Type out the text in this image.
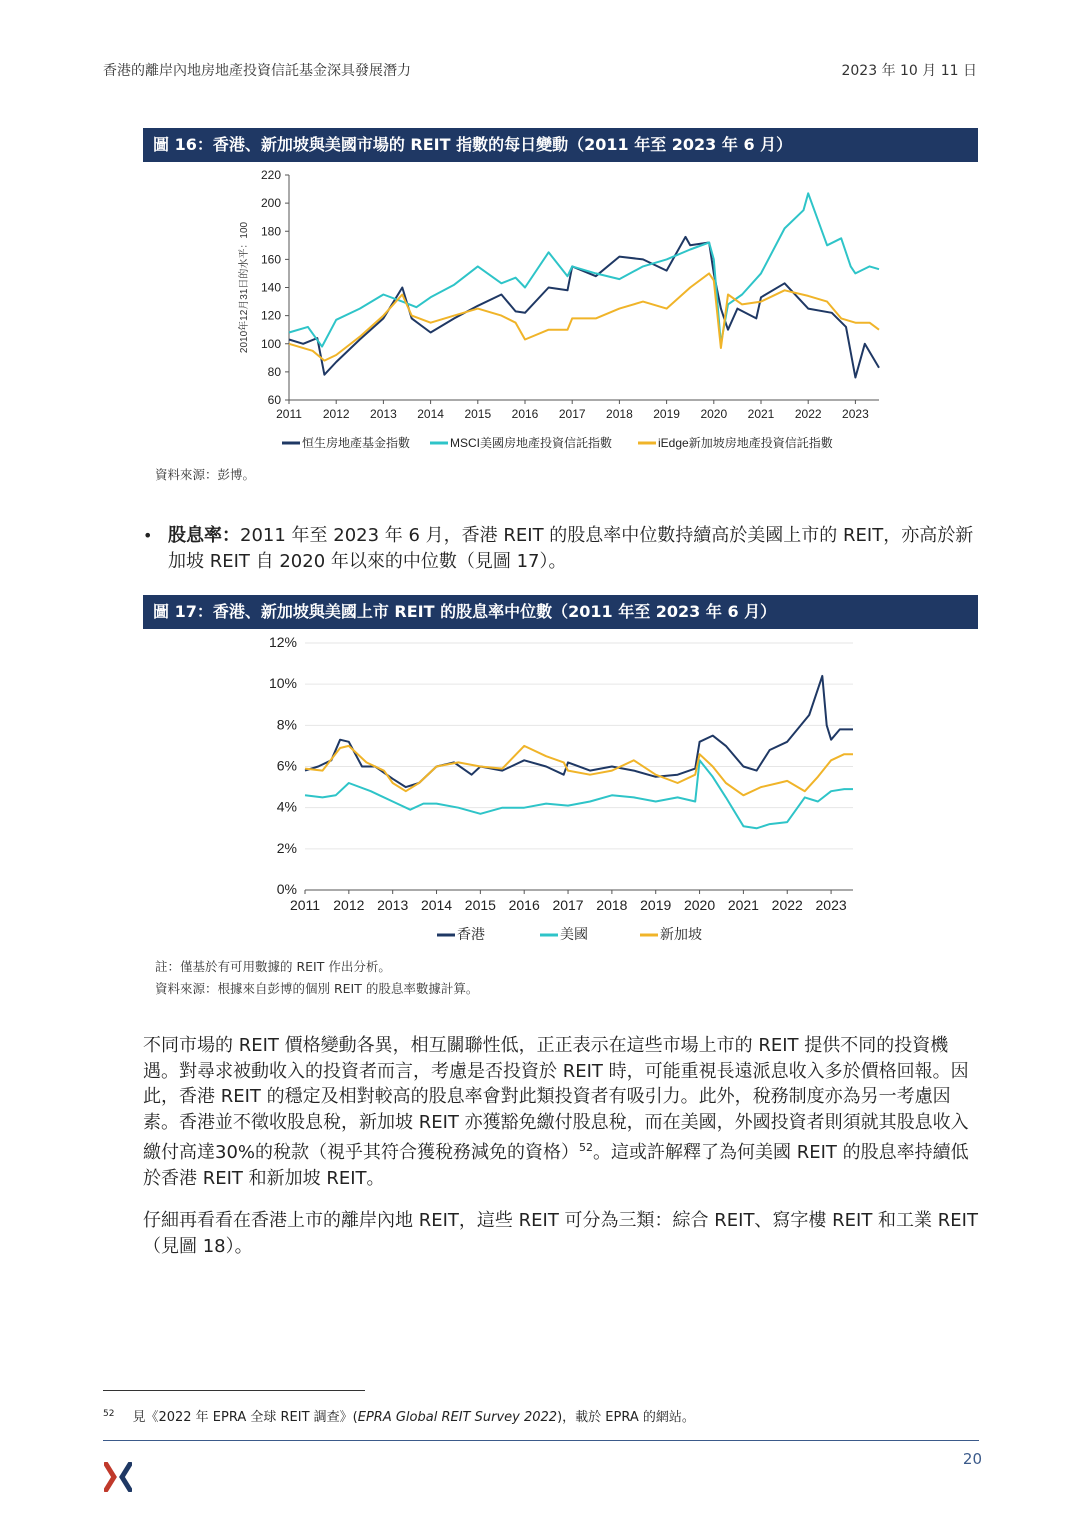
香港的離岸內地房地產投資信託基金深具發展潛力	2023 年 10 月 11 日
圖 16：香港、新加坡與美國市場的 REIT 指數的每日變動（2011 年至 2023 年 6 月）
220
200
180
160
140
120
100
80
60
2011 2012 2013 2014 2015 2016 2017 2018 2019 2020 2021 2022 2023
恒生房地產基金指數	MSCI美國房地產投資信託指數	iEdge新加坡房地產投資信託指數
2010年12月31日的水平：100
資料來源：彭博。
• 股息率：2011 年至 2023 年 6 月，香港 REIT 的股息率中位數持續高於美國上市的 REIT，亦高於新加坡 REIT 自 2020 年以來的中位數（見圖 17）。
圖 17：香港、新加坡與美國上市 REIT 的股息率中位數（2011 年至 2023 年 6 月）
12%
10%
8%
6%
4%
2%
0%
2011 2012 2013 2014 2015 2016 2017 2018 2019 2020 2021 2022 2023
香港	美國	新加坡
註：僅基於有可用數據的 REIT 作出分析。
資料來源：根據來自彭博的個別 REIT 的股息率數據計算。
不同市場的 REIT 價格變動各異，相互關聯性低，正正表示在這些市場上市的 REIT 提供不同的投資機遇。對尋求被動收入的投資者而言，考慮是否投資於 REIT 時，可能重視長遠派息收入多於價格回報。因此，香港 REIT 的穩定及相對較高的股息率會對此類投資者有吸引力。此外，稅務制度亦為另一考慮因素。香港並不徵收股息稅，新加坡 REIT 亦獲豁免繳付股息稅，而在美國，外國投資者則須就其股息收入繳付高達30%的稅款（視乎其符合獲稅務減免的資格）$^{52}$。這或許解釋了為何美國 REIT 的股息率持續低於香港 REIT 和新加坡 REIT。
仔細再看看在香港上市的離岸內地 REIT，這些 REIT 可分為三類：綜合 REIT、寫字樓 REIT 和工業 REIT（見圖 18）。
$^{52}$ 見《2022 年 EPRA 全球 REIT 調查》(EPRA Global REIT Survey 2022)，載於 EPRA 的網站。
20
